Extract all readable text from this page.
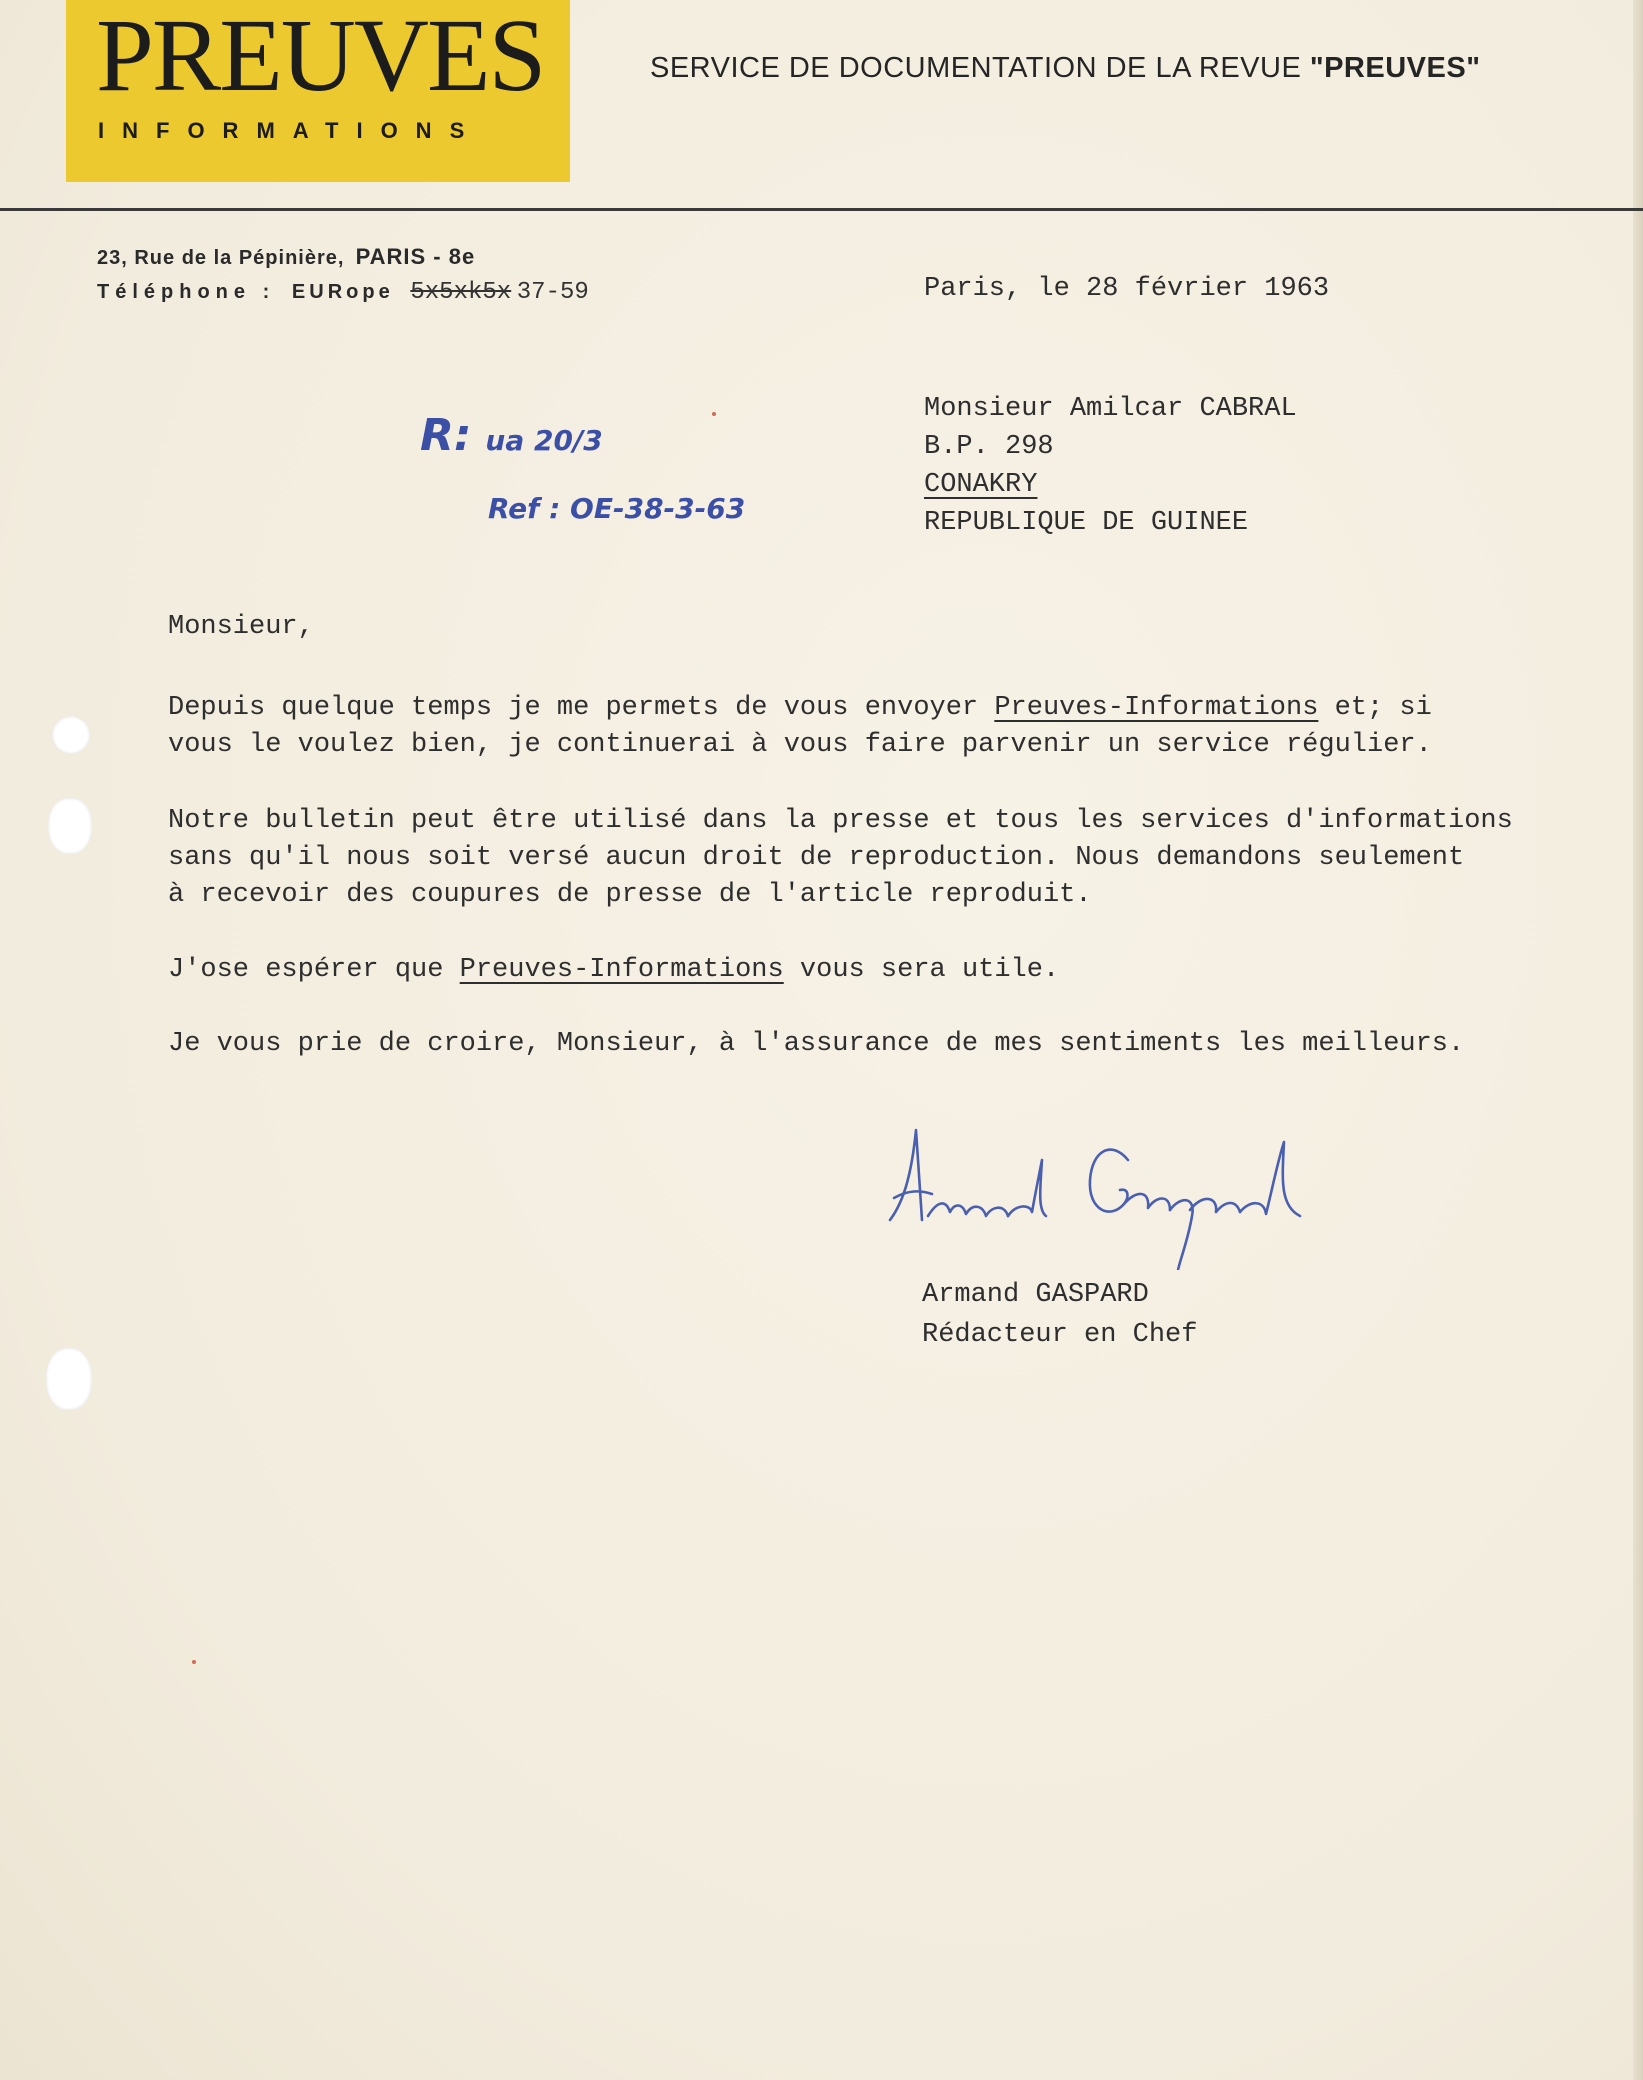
PREUVES
INFORMATIONS
SERVICE DE DOCUMENTATION DE LA REVUE "PREUVES"
23, Rue de la Pépinière, PARIS - 8e
Téléphone : EURope 5x5xk5x 37-59	Paris, le 28 février 1963
Monsieur Amilcar CABRAL
B.P. 298
CONAKRY
REPUBLIQUE DE GUINEE
R: ua 20/3
Ref : OE-38-3-63
Monsieur,
Depuis quelque temps je me permets de vous envoyer Preuves-Informations et; si
vous le voulez bien, je continuerai à vous faire parvenir un service régulier.
Notre bulletin peut être utilisé dans la presse et tous les services d'informations
sans qu'il nous soit versé aucun droit de reproduction. Nous demandons seulement
à recevoir des coupures de presse de l'article reproduit.
J'ose espérer que Preuves-Informations vous sera utile.
Je vous prie de croire, Monsieur, à l'assurance de mes sentiments les meilleurs.
Armand GASPARD
Rédacteur en Chef
